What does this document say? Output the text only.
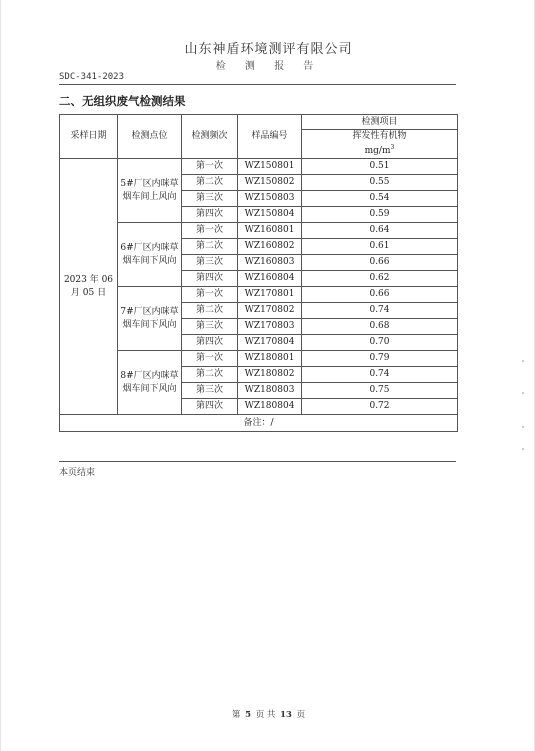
山东神盾环境测评有限公司
检 测 报 告
SDC-341-2023
二、无组织废气检测结果
采样日期	检测点位	检测频次	样品编号	检测项目

				挥发性有机物
$mg/m^3$

2023 年 06 月 05 日	5#厂区内咪草烟车间上风向	第一次	WZ150801	0.51
		第二次	WZ150802	0.55
		第三次	WZ150803	0.54
		第四次	WZ150804	0.59
	6#厂区内咪草烟车间下风向	第一次	WZ160801	0.64
		第二次	WZ160802	0.61
		第三次	WZ160803	0.66
		第四次	WZ160804	0.62
	7#厂区内咪草烟车间下风向	第一次	WZ170801	0.66
		第二次	WZ170802	0.74
		第三次	WZ170803	0.68
		第四次	WZ170804	0.70
	8#厂区内咪草烟车间下风向	第一次	WZ180801	0.79
		第二次	WZ180802	0.74
		第三次	WZ180803	0.75
		第四次	WZ180804	0.72
备注：/				
本页结束
第 5 页 共 13 页
